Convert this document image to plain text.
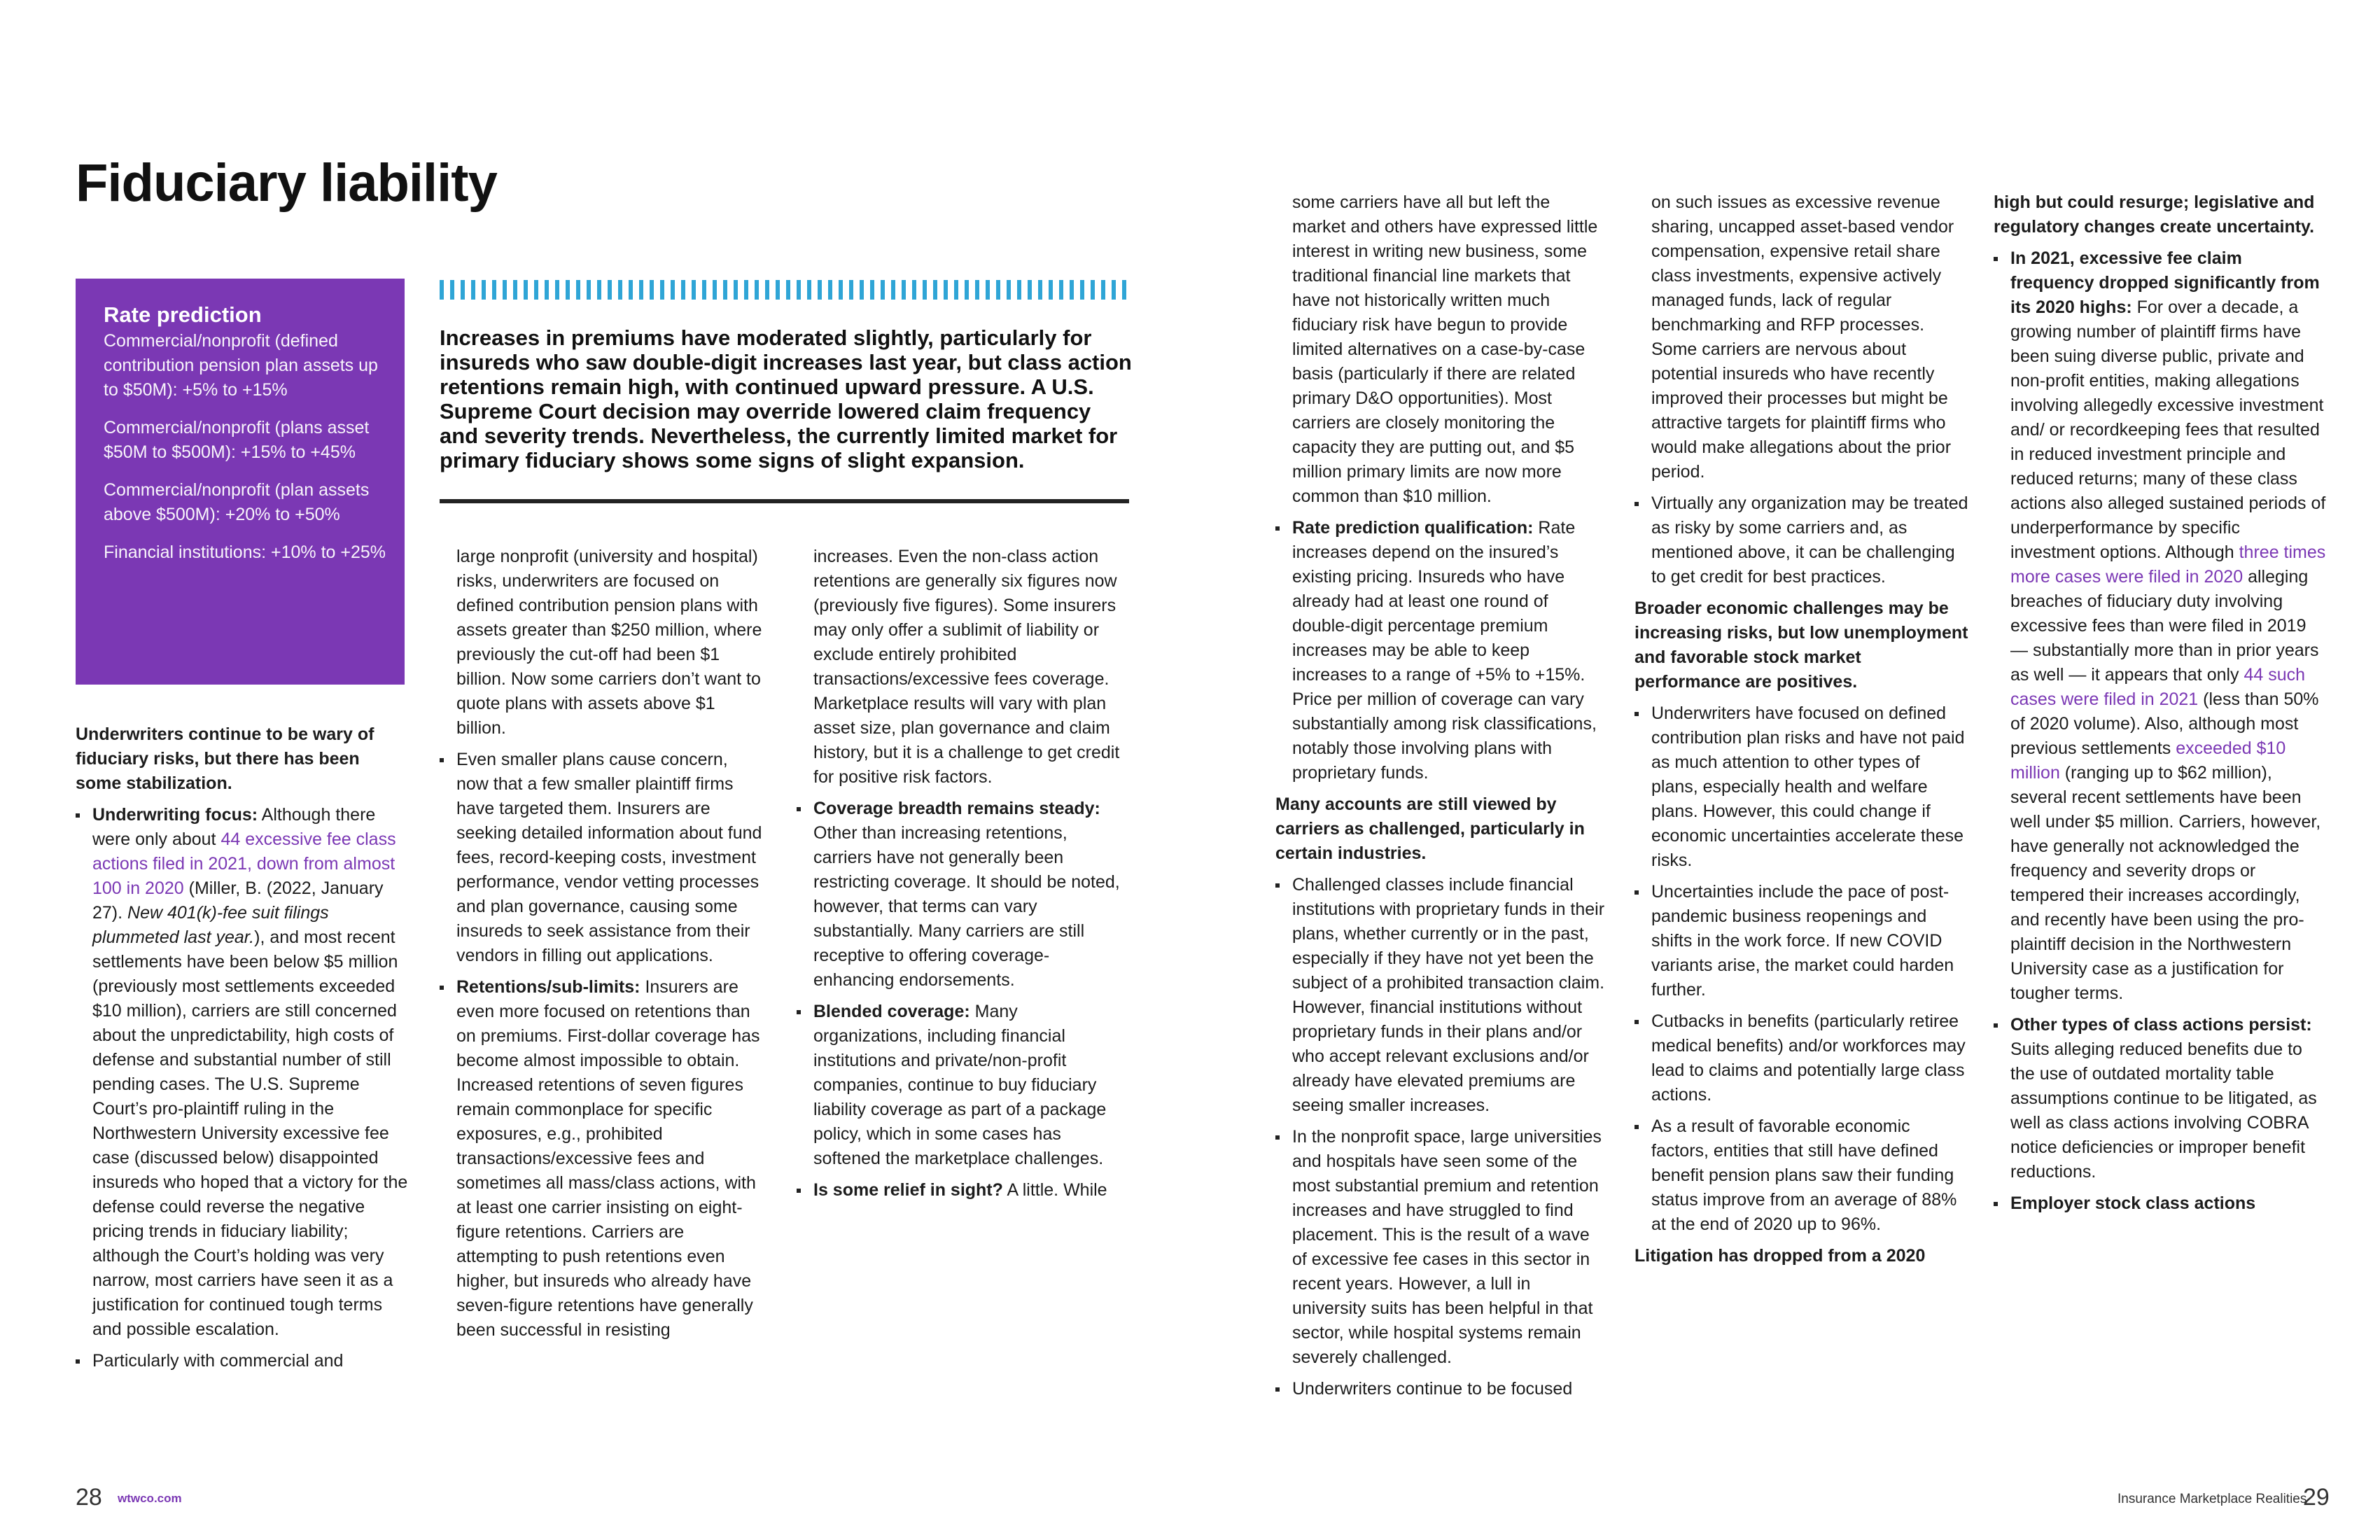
Fiduciary liability
Rate prediction
Commercial/nonprofit (defined contribution pension plan assets up to $50M): +5% to +15%
Commercial/nonprofit (plans asset $50M to $500M): +15% to +45%
Commercial/nonprofit (plan assets above $500M): +20% to +50%
Financial institutions: +10% to +25%

Increases in premiums have moderated slightly, particularly for insureds who saw double-digit increases last year, but class action retentions remain high, with continued upward pressure. A U.S. Supreme Court decision may override lowered claim frequency and severity trends. Nevertheless, the currently limited market for primary fiduciary shows some signs of slight expansion.

Underwriters continue to be wary of fiduciary risks, but there has been some stabilization.

Underwriting focus: Although there were only about 44 excessive fee class actions filed in 2021, down from almost 100 in 2020 (Miller, B. (2022, January 27). New 401(k)-fee suit filings plummeted last year.), and most recent settlements have been below $5 million (previously most settlements exceeded $10 million), carriers are still concerned about the unpredictability, high costs of defense and substantial number of still pending cases. The U.S. Supreme Court’s pro-plaintiff ruling in the Northwestern University excessive fee case (discussed below) disappointed insureds who hoped that a victory for the defense could reverse the negative pricing trends in fiduciary liability; although the Court’s holding was very narrow, most carriers have seen it as a justification for continued tough terms and possible escalation.
Particularly with commercial and

large nonprofit (university and hospital) risks, underwriters are focused on defined contribution pension plans with assets greater than $250 million, where previously the cut-off had been $1 billion. Now some carriers don’t want to quote plans with assets above $1 billion.

Even smaller plans cause concern, now that a few smaller plaintiff firms have targeted them. Insurers are seeking detailed information about fund fees, record-keeping costs, investment performance, vendor vetting processes and plan governance, causing some insureds to seek assistance from their vendors in filling out applications.
Retentions/sub-limits: Insurers are even more focused on retentions than on premiums. First-dollar coverage has become almost impossible to obtain. Increased retentions of seven figures remain commonplace for specific exposures, e.g., prohibited transactions/excessive fees and sometimes all mass/class actions, with at least one carrier insisting on eight-figure retentions. Carriers are attempting to push retentions even higher, but insureds who already have seven-figure retentions have generally been successful in resisting

increases. Even the non-class action retentions are generally six figures now (previously five figures). Some insurers may only offer a sublimit of liability or exclude entirely prohibited transactions/excessive fees coverage. Marketplace results will vary with plan asset size, plan governance and claim history, but it is a challenge to get credit for positive risk factors.

Coverage breadth remains steady: Other than increasing retentions, carriers have not generally been restricting coverage. It should be noted, however, that terms can vary substantially. Many carriers are still receptive to offering coverage-enhancing endorsements.
Blended coverage: Many organizations, including financial institutions and private/non-profit companies, continue to buy fiduciary liability coverage as part of a package policy, which in some cases has softened the marketplace challenges.
Is some relief in sight? A little. While

some carriers have all but left the market and others have expressed little interest in writing new business, some traditional financial line markets that have not historically written much fiduciary risk have begun to provide limited alternatives on a case-by-case basis (particularly if there are related primary D&O opportunities). Most carriers are closely monitoring the capacity they are putting out, and $5 million primary limits are now more common than $10 million.

Rate prediction qualification: Rate increases depend on the insured’s existing pricing. Insureds who have already had at least one round of double-digit percentage premium increases may be able to keep increases to a range of +5% to +15%. Price per million of coverage can vary substantially among risk classifications, notably those involving plans with proprietary funds.

Many accounts are still viewed by carriers as challenged, particularly in certain industries.

Challenged classes include financial institutions with proprietary funds in their plans, whether currently or in the past, especially if they have not yet been the subject of a prohibited transaction claim. However, financial institutions without proprietary funds in their plans and/or who accept relevant exclusions and/or already have elevated premiums are seeing smaller increases.
In the nonprofit space, large universities and hospitals have seen some of the most substantial premium and retention increases and have struggled to find placement. This is the result of a wave of excessive fee cases in this sector in recent years. However, a lull in university suits has been helpful in that sector, while hospital systems remain severely challenged.
Underwriters continue to be focused

on such issues as excessive revenue sharing, uncapped asset-based vendor compensation, expensive retail share class investments, expensive actively managed funds, lack of regular benchmarking and RFP processes. Some carriers are nervous about potential insureds who have recently improved their processes but might be attractive targets for plaintiff firms who would make allegations about the prior period.

Virtually any organization may be treated as risky by some carriers and, as mentioned above, it can be challenging to get credit for best practices.

Broader economic challenges may be increasing risks, but low unemployment and favorable stock market performance are positives.

Underwriters have focused on defined contribution plan risks and have not paid as much attention to other types of plans, especially health and welfare plans. However, this could change if economic uncertainties accelerate these risks.
Uncertainties include the pace of post-pandemic business reopenings and shifts in the work force. If new COVID variants arise, the market could harden further.
Cutbacks in benefits (particularly retiree medical benefits) and/or workforces may lead to claims and potentially large class actions.
As a result of favorable economic factors, entities that still have defined benefit pension plans saw their funding status improve from an average of 88% at the end of 2020 up to 96%.

Litigation has dropped from a 2020

high but could resurge; legislative and regulatory changes create uncertainty.

In 2021, excessive fee claim frequency dropped significantly from its 2020 highs: For over a decade, a growing number of plaintiff firms have been suing diverse public, private and non-profit entities, making allegations involving allegedly excessive investment and/ or recordkeeping fees that resulted in reduced investment principle and reduced returns; many of these class actions also alleged sustained periods of underperformance by specific investment options. Although three times more cases were filed in 2020 alleging breaches of fiduciary duty involving excessive fees than were filed in 2019 — substantially more than in prior years as well — it appears that only 44 such cases were filed in 2021 (less than 50% of 2020 volume). Also, although most previous settlements exceeded $10 million (ranging up to $62 million), several recent settlements have been well under $5 million. Carriers, however, have generally not acknowledged the frequency and severity drops or tempered their increases accordingly, and recently have been using the pro-plaintiff decision in the Northwestern University case as a justification for tougher terms.
Other types of class actions persist: Suits alleging reduced benefits due to the use of outdated mortality table assumptions continue to be litigated, as well as class actions involving COBRA notice deficiencies or improper benefit reductions.
Employer stock class actions
28 wtwco.com	Insurance Marketplace Realities
29
